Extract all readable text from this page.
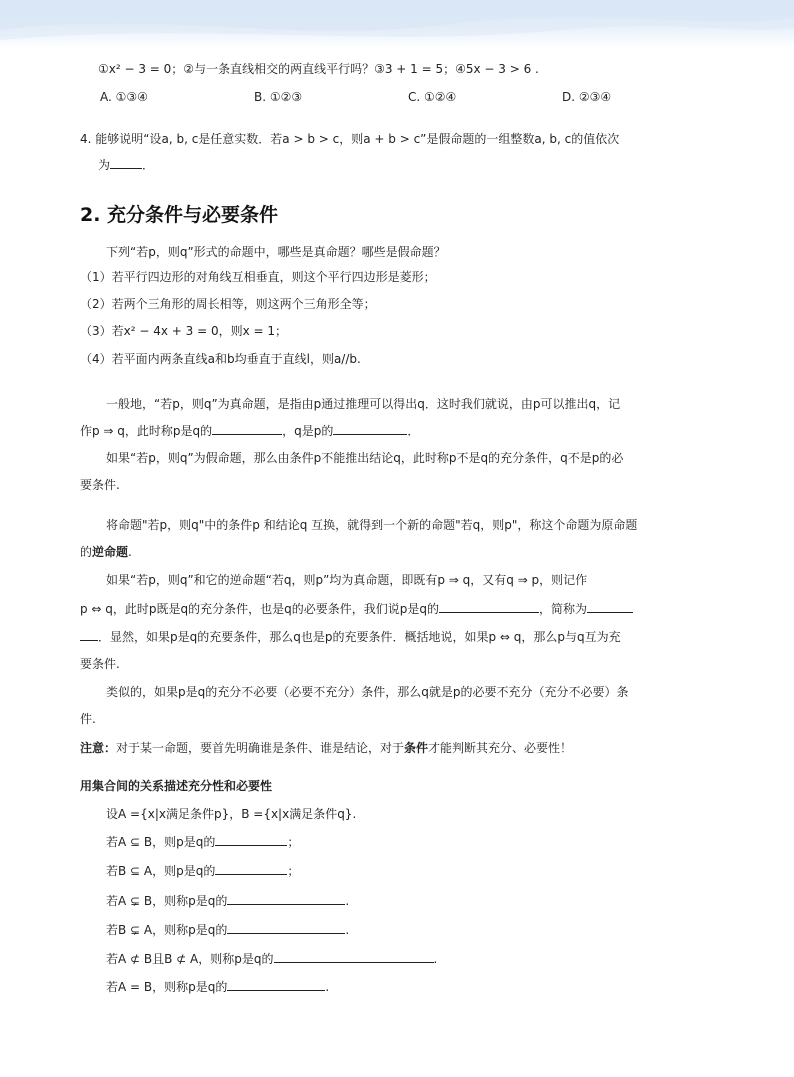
①x² − 3 = 0；②与一条直线相交的两直线平行吗？③3 + 1 = 5；④5x − 3 > 6 .
A. ①③④	B. ①②③	C. ①②④	D. ②③④
4. 能够说明“设a, b, c是任意实数．若a > b > c，则a + b > c”是假命题的一组整数a, b, c的值依次
为	．
2. 充分条件与必要条件
下列“若p，则q”形式的命题中，哪些是真命题？哪些是假命题？
（1）若平行四边形的对角线互相垂直，则这个平行四边形是菱形；
（2）若两个三角形的周长相等，则这两个三角形全等；
（3）若x² − 4x + 3 = 0，则x = 1；
（4）若平面内两条直线a和b均垂直于直线l，则a//b.
一般地，“若p，则q”为真命题，是指由p通过推理可以得出q．这时我们就说，由p可以推出q，记
作p ⇒ q，此时称p是q的	，q是p的	．
如果“若p，则q”为假命题，那么由条件p不能推出结论q，此时称p不是q的充分条件，q不是p的必
要条件.
将命题"若p，则q"中的条件p 和结论q 互换，就得到一个新的命题"若q，则p"，称这个命题为原命题
的逆命题.
如果“若p，则q”和它的逆命题“若q，则p”均为真命题，即既有p ⇒ q，又有q ⇒ p，则记作
p ⇔ q，此时p既是q的充分条件，也是q的必要条件，我们说p是q的	，简称为
．显然，如果p是q的充要条件，那么q也是p的充要条件．概括地说，如果p ⇔ q，那么p与q互为充
要条件.
类似的，如果p是q的充分不必要（必要不充分）条件，那么q就是p的必要不充分（充分不必要）条
件.
注意：对于某一命题，要首先明确谁是条件、谁是结论，对于条件才能判断其充分、必要性！
用集合间的关系描述充分性和必要性
设A ={x|x满足条件p}，B ={x|x满足条件q}.
若A ⊆ B，则p是q的	；
若B ⊆ A，则p是q的	；
若A ⊊ B，则称p是q的	.
若B ⊊ A，则称p是q的	.
若A ⊄ B且B ⊄ A，则称p是q的	.
若A = B，则称p是q的	.
